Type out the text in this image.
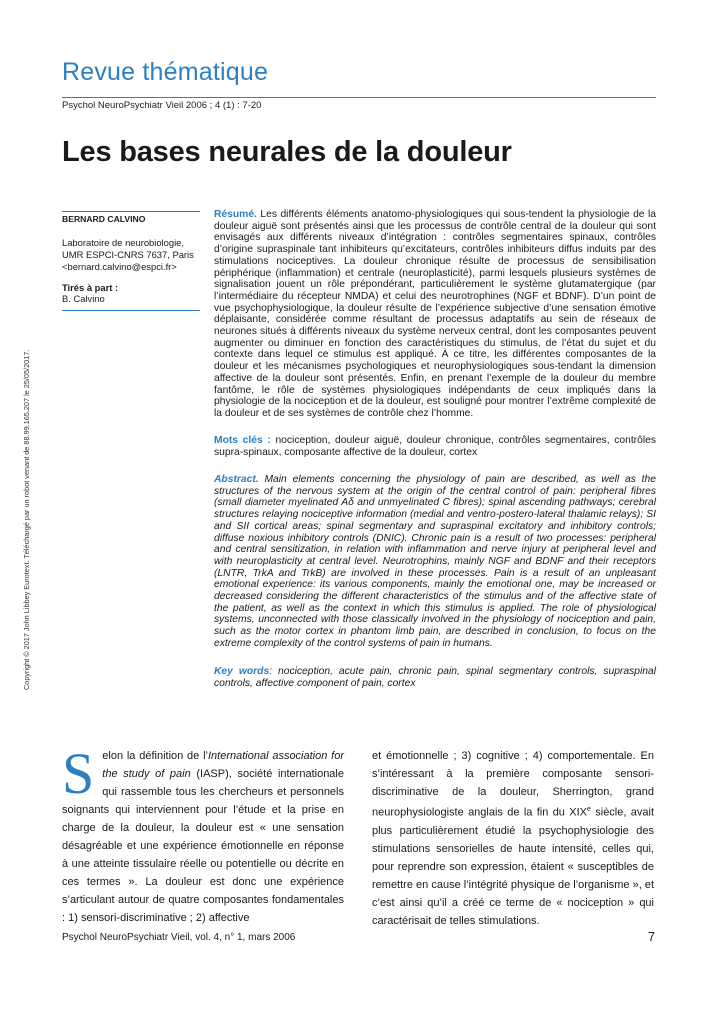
Revue thématique
Psychol NeuroPsychiatr Vieil 2006 ; 4 (1) : 7-20
Les bases neurales de la douleur
BERNARD CALVINO
Laboratoire de neurobiologie,
UMR ESPCI-CNRS 7637, Paris
<bernard.calvino@espci.fr>
Tirés à part :
B. Calvino
Copyright © 2017 John Libbey Eurotext. Téléchargé par un robot venant de 88.99.165.207 le 25/05/2017.
Résumé. Les différents éléments anatomo-physiologiques qui sous-tendent la physiologie de la douleur aiguë sont présentés ainsi que les processus de contrôle central de la douleur qui sont envisagés aux différents niveaux d’intégration : contrôles segmentaires spinaux, contrôles d’origine supraspinale tant inhibiteurs qu’excitateurs, contrôles inhibiteurs diffus induits par des stimulations nociceptives. La douleur chronique résulte de processus de sensibilisation périphérique (inflammation) et centrale (neuroplasticité), parmi lesquels plusieurs systèmes de signalisation jouent un rôle prépondérant, particulièrement le système glutamatergique (par l’intermédiaire du récepteur NMDA) et celui des neurotrophines (NGF et BDNF). D’un point de vue psychophysiologique, la douleur résulte de l’expérience subjective d’une sensation émotive déplaisante, considérée comme résultant de processus adaptatifs au sein de réseaux de neurones situés à différents niveaux du système nerveux central, dont les composantes peuvent augmenter ou diminuer en fonction des caractéristiques du stimulus, de l’état du sujet et du contexte dans lequel ce stimulus est appliqué. À ce titre, les différentes composantes de la douleur et les mécanismes psychologiques et neurophysiologiques sous-tendant la dimension affective de la douleur sont présentés. Enfin, en prenant l’exemple de la douleur du membre fantôme, le rôle de systèmes physiologiques indépendants de ceux impliqués dans la physiologie de la nociception et de la douleur, est souligné pour montrer l’extrême complexité de la douleur et de ses systèmes de contrôle chez l’homme.
Mots clés : nociception, douleur aiguë, douleur chronique, contrôles segmentaires, contrôles supra-spinaux, composante affective de la douleur, cortex
Abstract. Main elements concerning the physiology of pain are described, as well as the structures of the nervous system at the origin of the central control of pain: peripheral fibres (small diameter myelinated Aδ and unmyelinated C fibres); spinal ascending pathways; cerebral structures relaying nociceptive information (medial and ventro-postero-lateral thalamic relays); SI and SII cortical areas; spinal segmentary and supraspinal excitatory and inhibitory controls; diffuse noxious inhibitory controls (DNIC). Chronic pain is a result of two processes: peripheral and central sensitization, in relation with inflammation and nerve injury at peripheral level and with neuroplasticity at central level. Neurotrophins, mainly NGF and BDNF and their receptors (LNTR, TrkA and TrkB) are involved in these processes. Pain is a result of an unpleasant emotional experience: its various components, mainly the emotional one, may be increased or decreased considering the different characteristics of the stimulus and of the affective state of the patient, as well as the context in which this stimulus is applied. The role of physiological systems, unconnected with those classically involved in the physiology of nociception and pain, such as the motor cortex in phantom limb pain, are described in conclusion, to focus on the extreme complexity of the control systems of pain in humans.
Key words: nociception, acute pain, chronic pain, spinal segmentary controls, supraspinal controls, affective component of pain, cortex
Selon la définition de l’International association for the study of pain (IASP), société internationale qui rassemble tous les chercheurs et personnels soignants qui interviennent pour l’étude et la prise en charge de la douleur, la douleur est « une sensation désagréable et une expérience émotionnelle en réponse à une atteinte tissulaire réelle ou potentielle ou décrite en ces termes ». La douleur est donc une expérience s’articulant autour de quatre composantes fondamentales : 1) sensori-discriminative ; 2) affective
et émotionnelle ; 3) cognitive ; 4) comportementale. En s’intéressant à la première composante sensori-discriminative de la douleur, Sherrington, grand neurophysiologiste anglais de la fin du XIXe siècle, avait plus particulièrement étudié la psychophysiologie des stimulations sensorielles de haute intensité, celles qui, pour reprendre son expression, étaient « susceptibles de remettre en cause l’intégrité physique de l’organisme », et c’est ainsi qu’il a créé ce terme de « nociception » qui caractérisait de telles stimulations.
Psychol NeuroPsychiatr Vieil, vol. 4, n° 1, mars 2006	7
